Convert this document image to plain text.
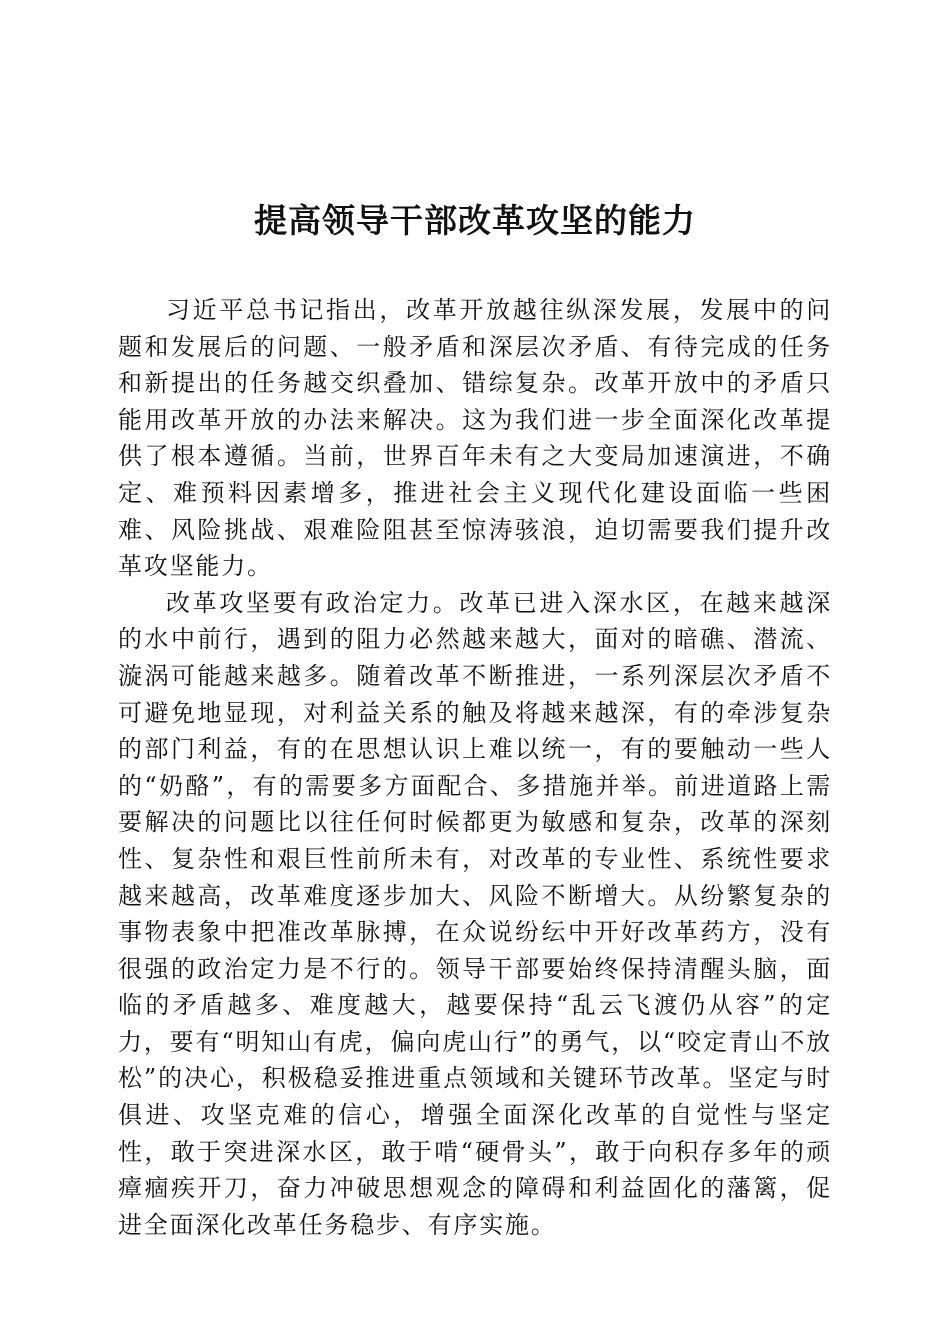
提高领导干部改革攻坚的能力

习近平总书记指出，改革开放越往纵深发展，发展中的问题和发展后的问题、一般矛盾和深层次矛盾、有待完成的任务和新提出的任务越交织叠加、错综复杂。改革开放中的矛盾只能用改革开放的办法来解决。这为我们进一步全面深化改革提供了根本遵循。当前，世界百年未有之大变局加速演进，不确定、难预料因素增多，推进社会主义现代化建设面临一些困难、风险挑战、艰难险阻甚至惊涛骇浪，迫切需要我们提升改革攻坚能力。

改革攻坚要有政治定力。改革已进入深水区，在越来越深的水中前行，遇到的阻力必然越来越大，面对的暗礁、潜流、漩涡可能越来越多。随着改革不断推进，一系列深层次矛盾不可避免地显现，对利益关系的触及将越来越深，有的牵涉复杂的部门利益，有的在思想认识上难以统一，有的要触动一些人的“奶酪”，有的需要多方面配合、多措施并举。前进道路上需要解决的问题比以往任何时候都更为敏感和复杂，改革的深刻性、复杂性和艰巨性前所未有，对改革的专业性、系统性要求越来越高，改革难度逐步加大、风险不断增大。从纷繁复杂的事物表象中把准改革脉搏，在众说纷纭中开好改革药方，没有很强的政治定力是不行的。领导干部要始终保持清醒头脑，面临的矛盾越多、难度越大，越要保持“乱云飞渡仍从容”的定力，要有“明知山有虎，偏向虎山行”的勇气，以“咬定青山不放松”的决心，积极稳妥推进重点领域和关键环节改革。坚定与时俱进、攻坚克难的信心，增强全面深化改革的自觉性与坚定性，敢于突进深水区，敢于啃“硬骨头”，敢于向积存多年的顽瘴痼疾开刀，奋力冲破思想观念的障碍和利益固化的藩篱，促进全面深化改革任务稳步、有序实施。
